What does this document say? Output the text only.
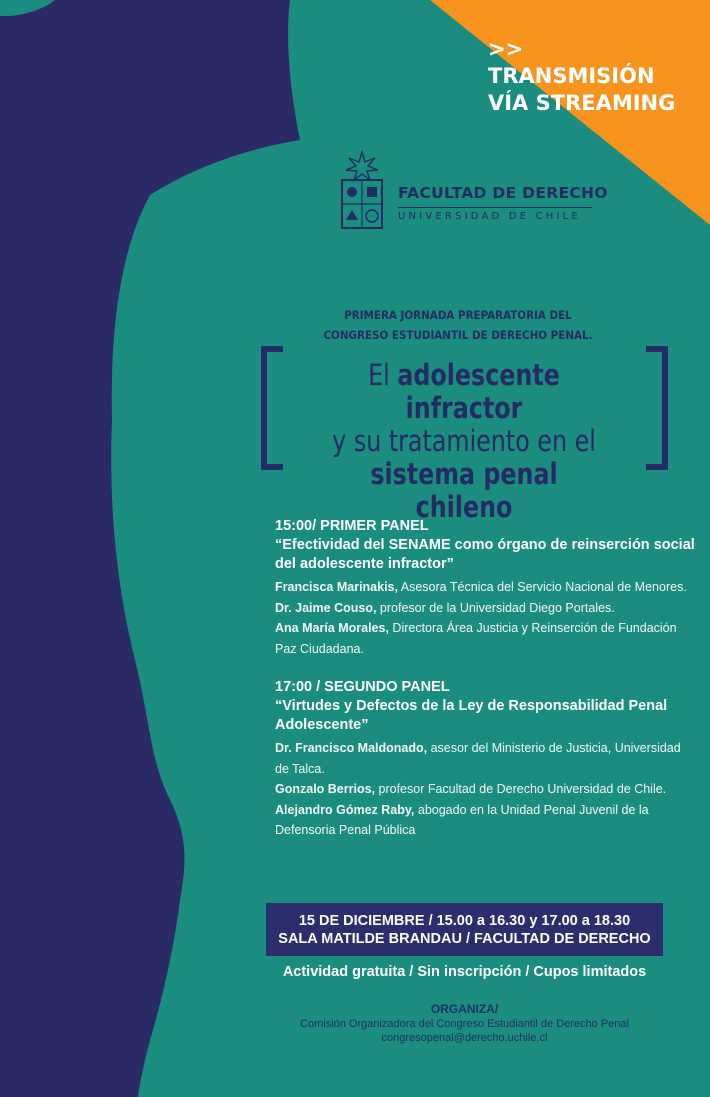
>>
TRANSMISIÓN
VÍA STREAMING
FACULTAD DE DERECHO
UNIVERSIDAD DE CHILE
PRIMERA JORNADA PREPARATORIA DEL
CONGRESO ESTUDIANTIL DE DERECHO PENAL.
El adolescente infractor
y su tratamiento en el
sistema penal chileno
15:00/ PRIMER PANEL
“Efectividad del SENAME como órgano de reinserción social del adolescente infractor”
Francisca Marinakis, Asesora Técnica del Servicio Nacional de Menores.
Dr. Jaime Couso, profesor de la Universidad Diego Portales.
Ana María Morales, Directora Área Justicia y Reinserción de Fundación Paz Ciudadana.
17:00 / SEGUNDO PANEL
“Virtudes y Defectos de la Ley de Responsabilidad Penal Adolescente”
Dr. Francisco Maldonado, asesor del Ministerio de Justicia, Universidad de Talca.
Gonzalo Berrios, profesor Facultad de Derecho Universidad de Chile.
Alejandro Gómez Raby, abogado en la Unidad Penal Juvenil de la Defensoria Penal Pública
15 DE DICIEMBRE / 15.00 a 16.30 y 17.00 a 18.30
SALA MATILDE BRANDAU / FACULTAD DE DERECHO
Actividad gratuita / Sin inscripción / Cupos limitados
ORGANIZA/
Comisión Organizadora del Congreso Estudiantil de Derecho Penal
congresopenal@derecho.uchile.cl
